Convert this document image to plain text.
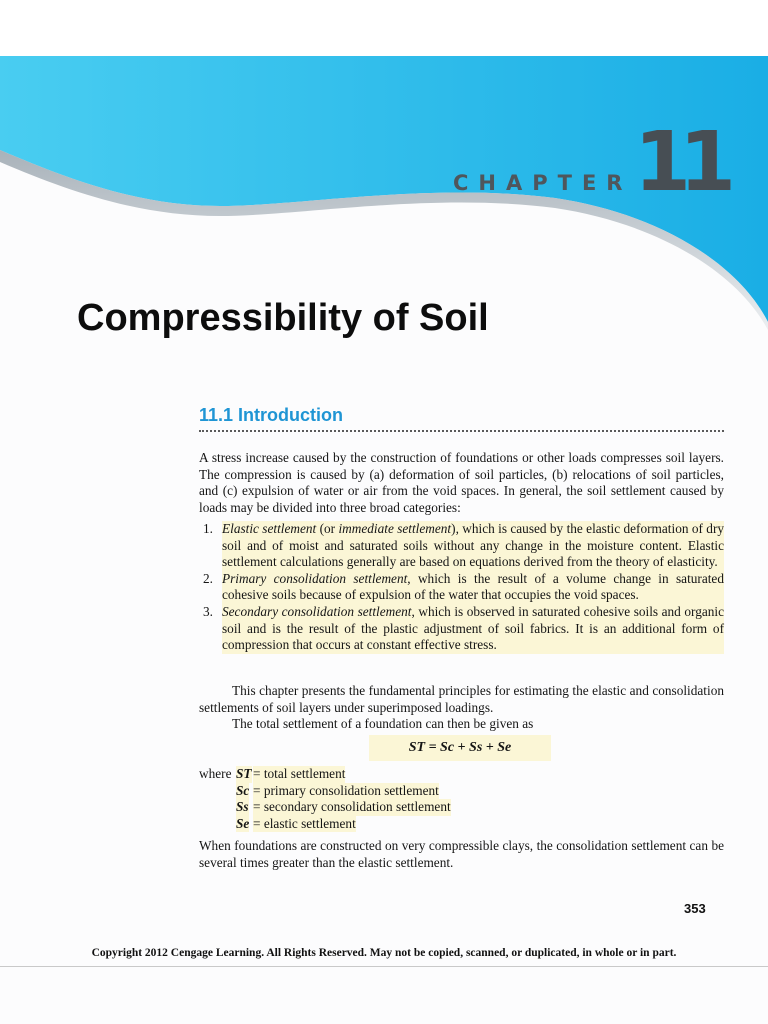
CHAPTER 11
Compressibility of Soil
11.1 Introduction

A stress increase caused by the construction of foundations or other loads compresses soil layers. The compression is caused by (a) deformation of soil particles, (b) relocations of soil particles, and (c) expulsion of water or air from the void spaces. In general, the soil settlement caused by loads may be divided into three broad categories:

1. Elastic settlement (or immediate settlement), which is caused by the elastic deformation of dry soil and of moist and saturated soils without any change in the moisture content. Elastic settlement calculations generally are based on equations derived from the theory of elasticity.
2. Primary consolidation settlement, which is the result of a volume change in saturated cohesive soils because of expulsion of the water that occupies the void spaces.
3. Secondary consolidation settlement, which is observed in saturated cohesive soils and organic soil and is the result of the plastic adjustment of soil fabrics. It is an additional form of compression that occurs at constant effective stress.

This chapter presents the fundamental principles for estimating the elastic and consolidation settlements of soil layers under superimposed loadings.

The total settlement of a foundation can then be given as

ST = Sc + Ss + Se
where ST = total settlement
Sc = primary consolidation settlement
Ss = secondary consolidation settlement
Se = elastic settlement

When foundations are constructed on very compressible clays, the consolidation settlement can be several times greater than the elastic settlement.

353
Copyright 2012 Cengage Learning. All Rights Reserved. May not be copied, scanned, or duplicated, in whole or in part.
